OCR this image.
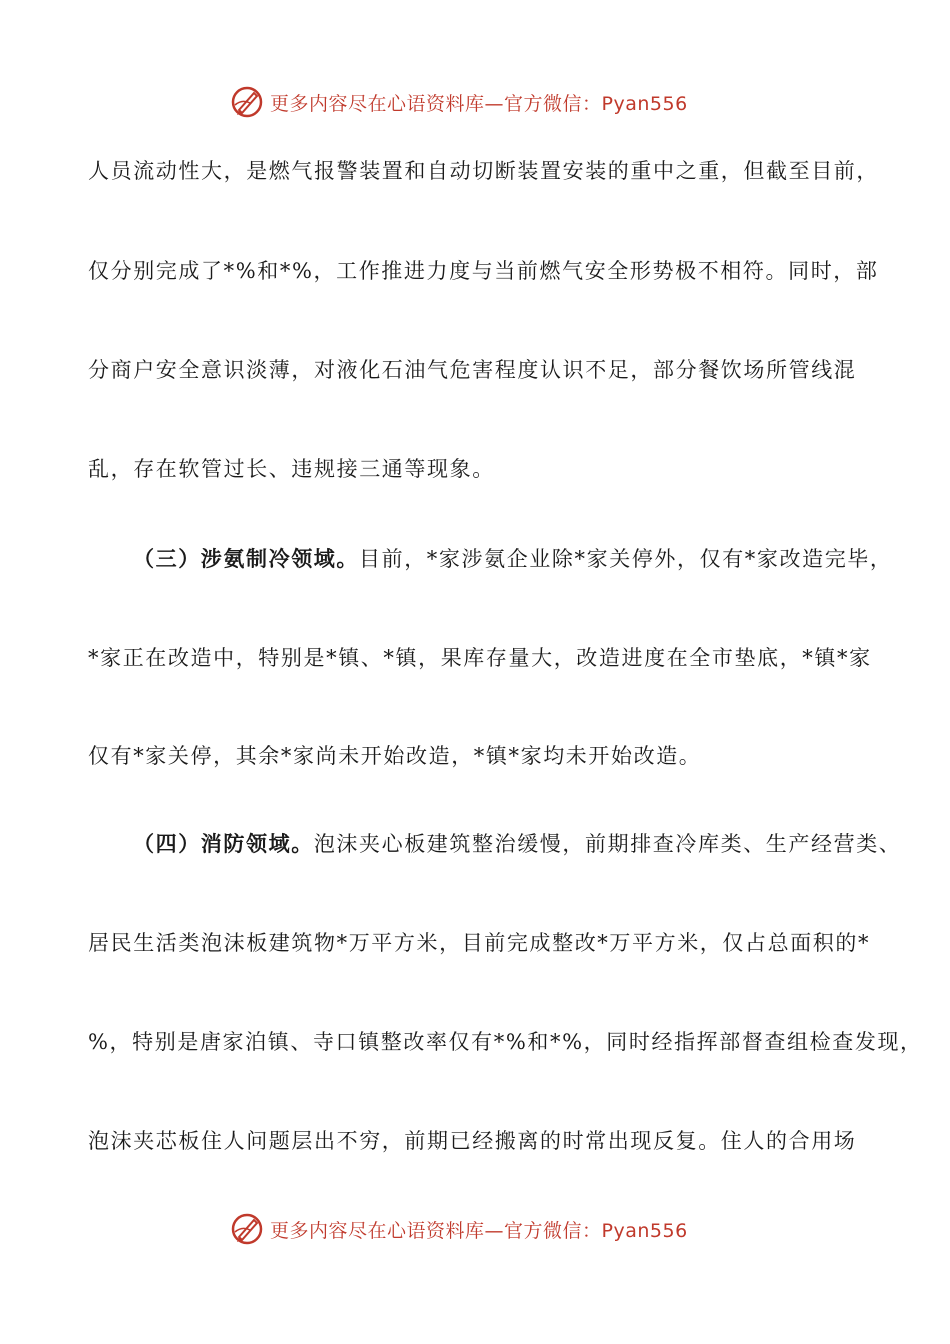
更多内容尽在心语资料库—官方微信：Pyan556
人员流动性大，是燃气报警装置和自动切断装置安装的重中之重，但截至目前，
仅分别完成了*%和*%，工作推进力度与当前燃气安全形势极不相符。同时，部
分商户安全意识淡薄，对液化石油气危害程度认识不足，部分餐饮场所管线混
乱，存在软管过长、违规接三通等现象。
（三）涉氨制冷领域。目前，*家涉氨企业除*家关停外，仅有*家改造完毕，
*家正在改造中，特别是*镇、*镇，果库存量大，改造进度在全市垫底，*镇*家
仅有*家关停，其余*家尚未开始改造，*镇*家均未开始改造。
（四）消防领域。泡沫夹心板建筑整治缓慢，前期排查冷库类、生产经营类、
居民生活类泡沫板建筑物*万平方米，目前完成整改*万平方米，仅占总面积的*
%，特别是唐家泊镇、寺口镇整改率仅有*%和*%，同时经指挥部督查组检查发现，
泡沫夹芯板住人问题层出不穷，前期已经搬离的时常出现反复。住人的合用场
更多内容尽在心语资料库—官方微信：Pyan556
